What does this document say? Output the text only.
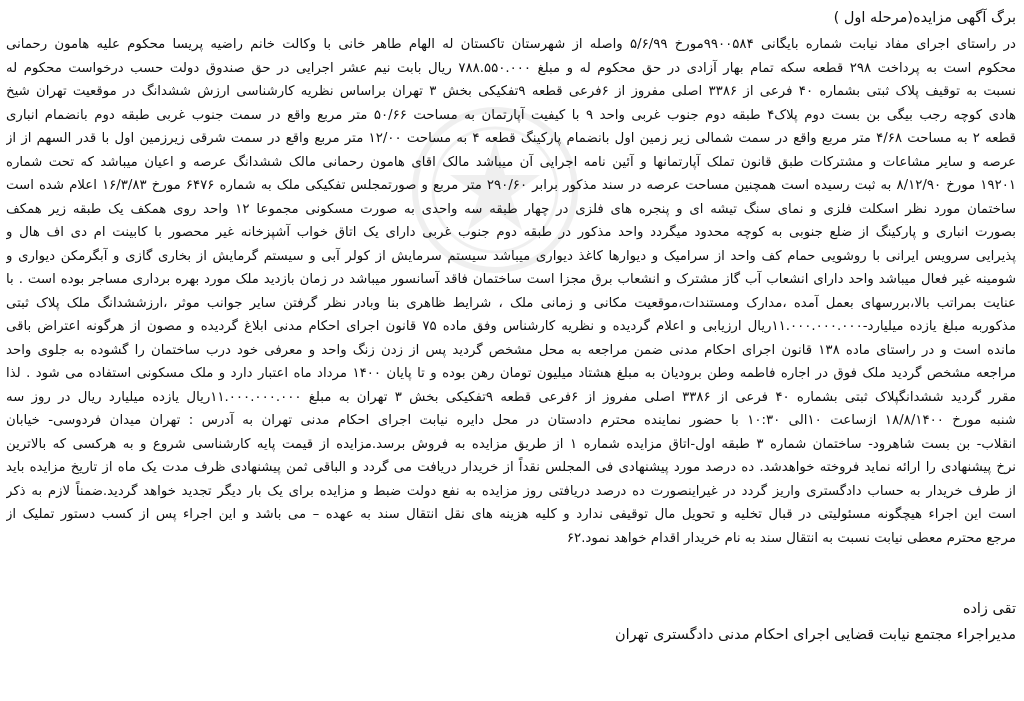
برگ آگهی مزایده(مرحله اول )
در راستای اجرای مفاد نیابت شماره بایگانی ۹۹۰۰۵۸۴مورخ ۵/۶/۹۹ واصله از شهرستان تاکستان له الهام طاهر خانی با وکالت خانم راضیه پریسا محکوم علیه هامون رحمانی
محکوم است به پرداخت ۲۹۸ قطعه سکه تمام بهار آزادی در حق محکوم له و مبلغ ۷۸۸.۵۵۰.۰۰۰ ریال بابت نیم عشر اجرایی در حق صندوق دولت حسب درخواست محکوم له
نسبت به توقیف پلاک ثبتی بشماره ۴۰ فرعی از ۳۳۸۶ اصلی مفروز از ۶فرعی قطعه ۹تفکیکی بخش ۳ تهران براساس نظریه کارشناسی ارزش ششدانگ در موقعیت تهران شیخ
هادی کوچه رجب بیگی بن بست دوم پلاک۴ طبقه دوم جنوب غربی واحد ۹ با کیفیت آپارتمان به مساحت ۵۰/۶۶ متر مربع واقع در سمت جنوب غربی طبقه دوم بانضمام انباری
قطعه ۲ به مساحت ۴/۶۸ متر مربع واقع در سمت شمالی زیر زمین اول بانضمام پارکینگ قطعه ۴ به مساحت ۱۲/۰۰ متر مربع واقع در سمت شرقی زیرزمین اول با قدر السهم از از
عرصه و سایر مشاعات و مشترکات طبق قانون تملک آپارتمانها و آئین نامه اجرایی آن میباشد مالک اقای هامون رحمانی مالک ششدانگ عرصه و اعیان میباشد که تحت شماره
۱۹۲۰۱ مورخ ۸/۱۲/۹۰ به ثبت رسیده است همچنین مساحت عرصه در سند مذکور برابر ۲۹۰/۶۰ متر مربع و صورتمجلس تفکیکی ملک به شماره ۶۴۷۶ مورخ ۱۶/۳/۸۳ اعلام شده است
ساختمان مورد نظر اسکلت فلزی و نمای سنگ تیشه ای و پنجره های فلزی در چهار طبقه سه واحدی به صورت مسکونی مجموعا ۱۲ واحد روی همکف یک طبقه زیر همکف
بصورت انباری و پارکینگ از ضلع جنوبی به کوچه محدود میگردد واحد مذکور در طبقه دوم جنوب غربی دارای یک اتاق خواب آشپزخانه غیر محصور با کابینت ام دی اف هال و
پذیرایی سرویس ایرانی با روشویی حمام کف واحد از سرامیک و دیوارها کاغذ دیواری میباشد سیستم سرمایش از کولر آبی و سیستم گرمایش از بخاری گازی و آبگرمکن دیواری و
شومینه غیر فعال میباشد واحد دارای انشعاب آب گاز مشترک و انشعاب برق مجزا است ساختمان فاقد آسانسور میباشد در زمان بازدید ملک مورد بهره برداری مساجر بوده است . با
عنایت بمراتب بالا،بررسهای بعمل آمده ،مدارک ومستندات،موقعیت مکانی و زمانی ملک ، شرایط ظاهری بنا وبادر نظر گرفتن سایر جوانب موثر ،ارزششدانگ ملک پلاک ثبتی
مذکوربه مبلغ یازده میلیارد-۱۱.۰۰۰.۰۰۰.۰۰۰ریال ارزیابی و اعلام گردیده و نظریه کارشناس وفق ماده ۷۵ قانون اجرای احکام مدنی ابلاغ گردیده و مصون از هرگونه اعتراض باقی
مانده است و در راستای ماده ۱۳۸ قانون اجرای احکام مدنی ضمن مراجعه به محل مشخص گردید پس از زدن زنگ واحد و معرفی خود درب ساختمان را گشوده به جلوی واحد
مراجعه مشخص گردید ملک فوق در اجاره فاطمه وطن برودیان به مبلغ هشتاد میلیون تومان رهن بوده و تا پایان ۱۴۰۰ مرداد ماه اعتبار دارد و ملک مسکونی استفاده می شود . لذا
مقرر گردید ششدانگپلاک ثبتی بشماره ۴۰ فرعی از ۳۳۸۶ اصلی مفروز از ۶فرعی قطعه ۹تفکیکی بخش ۳ تهران به مبلغ ۱۱.۰۰۰.۰۰۰.۰۰۰ریال یازده میلیارد ریال در روز سه
شنبه مورخ ۱۸/۸/۱۴۰۰ ازساعت ۱۰الی ۱۰:۳۰ با حضور نماینده محترم دادستان در محل دایره نیابت اجرای احکام مدنی تهران به آدرس : تهران میدان فردوسی- خیابان
انقلاب- بن بست شاهرود- ساختمان شماره ۳ طبقه اول-اتاق مزایده شماره ۱ از طریق مزایده به فروش برسد.مزایده از قیمت پایه کارشناسی شروع و به هرکسی که بالاترین
نرخ پیشنهادی را ارائه نماید فروخته خواهدشد. ده درصد مورد پیشنهادی فی المجلس نقداً از خریدار دریافت می گردد و الباقی ثمن پیشنهادی ظرف مدت یک ماه از تاریخ مزایده باید
از طرف خریدار به حساب دادگستری واریز گردد در غیراینصورت ده درصد دریافتی روز مزایده به نفع دولت ضبط و مزایده برای یک بار دیگر تجدید خواهد گردید.ضمناً لازم به ذکر
است این اجراء هیچگونه مسئولیتی در قبال تخلیه و تحویل مال توقیفی ندارد و کلیه هزینه های نقل انتقال سند به عهده – می باشد و این اجراء پس از کسب دستور تملیک از
مرجع محترم معطی نیابت نسبت به انتقال سند به نام خریدار اقدام خواهد نمود.۶۲
تقی زاده
مدیراجراء مجتمع نیابت قضایی اجرای احکام مدنی دادگستری تهران
